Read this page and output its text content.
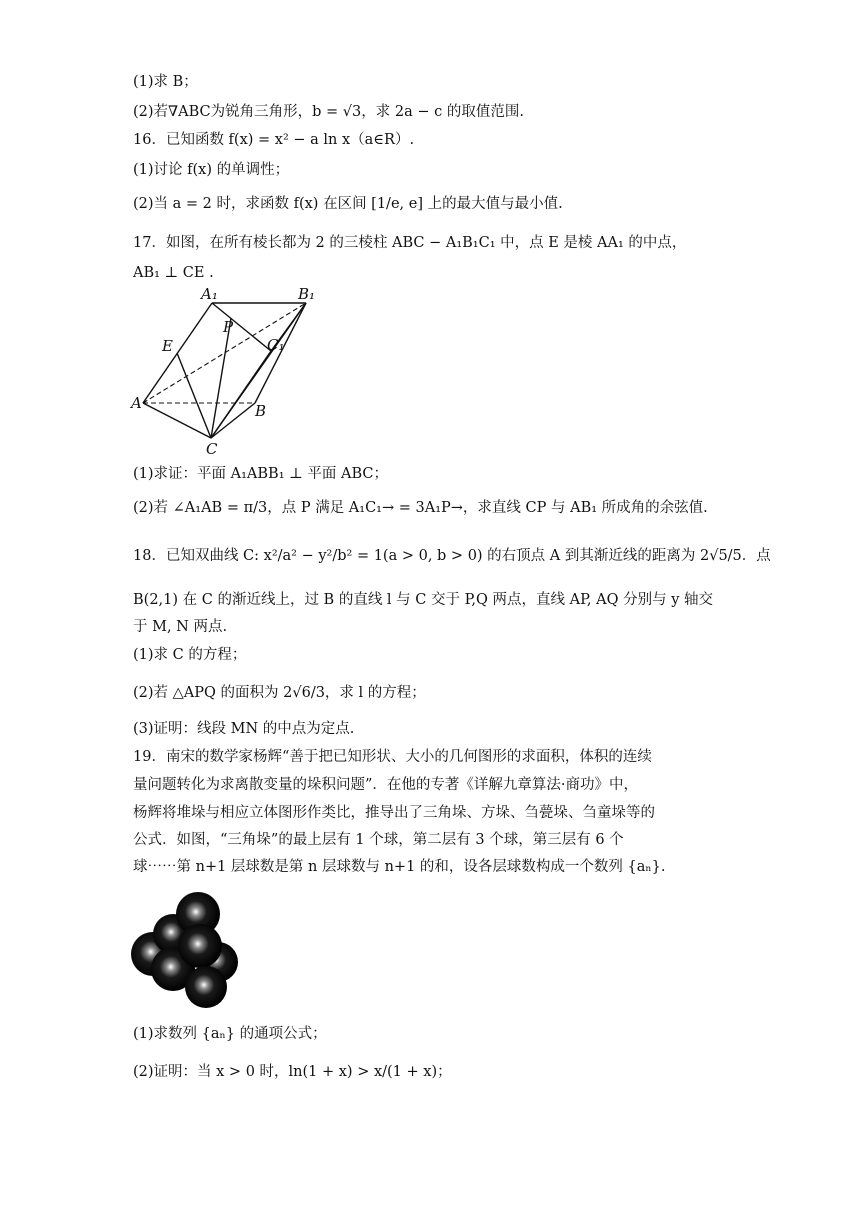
(1)求 B；
(2)若∇ABC为锐角三角形，b = √3，求 2a − c 的取值范围.
16．已知函数 f(x) = x² − a ln x（a∈R）.
(1)讨论 f(x) 的单调性；
(2)当 a = 2 时，求函数 f(x) 在区间 [1/e, e] 上的最大值与最小值.
17．如图，在所有棱长都为 2 的三棱柱 ABC − A₁B₁C₁ 中，点 E 是棱 AA₁ 的中点，
AB₁ ⊥ CE .
A₁	B₁
P
C₁
E
A	B
C
(1)求证：平面 A₁ABB₁ ⊥ 平面 ABC；
(2)若 ∠A₁AB = π/3，点 P 满足 A₁C₁→ = 3A₁P→，求直线 CP 与 AB₁ 所成角的余弦值.
18．已知双曲线 C: x²/a² − y²/b² = 1(a > 0, b > 0) 的右顶点 A 到其渐近线的距离为 2√5/5．点
B(2,1) 在 C 的渐近线上，过 B 的直线 l 与 C 交于 P,Q 两点，直线 AP, AQ 分别与 y 轴交
于 M, N 两点.
(1)求 C 的方程；
(2)若 △APQ 的面积为 2√6/3，求 l 的方程；
(3)证明：线段 MN 的中点为定点.
19．南宋的数学家杨辉“善于把已知形状、大小的几何图形的求面积，体积的连续
量问题转化为求离散变量的垛积问题”．在他的专著《详解九章算法·商功》中，
杨辉将堆垛与相应立体图形作类比，推导出了三角垛、方垛、刍甍垛、刍童垛等的
公式．如图，“三角垛”的最上层有 1 个球，第二层有 3 个球，第三层有 6 个
球⋯⋯第 n+1 层球数是第 n 层球数与 n+1 的和，设各层球数构成一个数列 {aₙ}.
(1)求数列 {aₙ} 的通项公式；
(2)证明：当 x > 0 时，ln(1 + x) > x/(1 + x)；
